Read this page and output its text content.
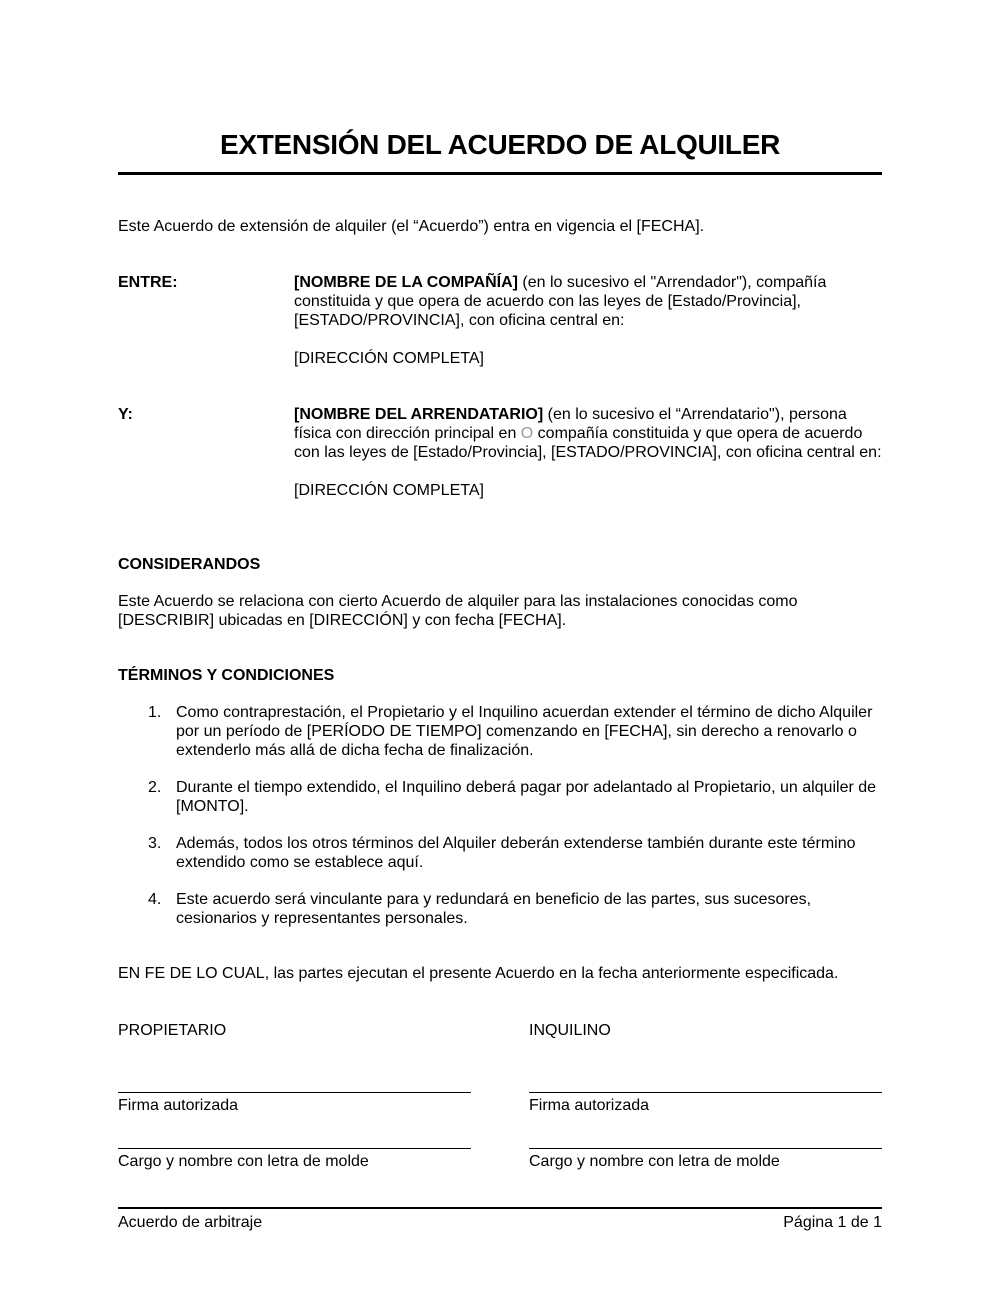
EXTENSIÓN DEL ACUERDO DE ALQUILER
Este Acuerdo de extensión de alquiler (el “Acuerdo”) entra en vigencia el [FECHA].
ENTRE:	[NOMBRE DE LA COMPAÑÍA] (en lo sucesivo el "Arrendador"), compañía constituida y que opera de acuerdo con las leyes de [Estado/Provincia], [ESTADO/PROVINCIA], con oficina central en:

[DIRECCIÓN COMPLETA]

Y:	[NOMBRE DEL ARRENDATARIO] (en lo sucesivo el “Arrendatario"), persona física con dirección principal en O compañía constituida y que opera de acuerdo con las leyes de [Estado/Provincia], [ESTADO/PROVINCIA], con oficina central en:

[DIRECCIÓN COMPLETA]

CONSIDERANDOS
Este Acuerdo se relaciona con cierto Acuerdo de alquiler para las instalaciones conocidas como [DESCRIBIR] ubicadas en [DIRECCIÓN] y con fecha [FECHA].
TÉRMINOS Y CONDICIONES
1. Como contraprestación, el Propietario y el Inquilino acuerdan extender el término de dicho Alquiler por un período de [PERÍODO DE TIEMPO] comenzando en [FECHA], sin derecho a renovarlo o extenderlo más allá de dicha fecha de finalización.
2. Durante el tiempo extendido, el Inquilino deberá pagar por adelantado al Propietario, un alquiler de [MONTO].
3. Además, todos los otros términos del Alquiler deberán extenderse también durante este término extendido como se establece aquí.
4. Este acuerdo será vinculante para y redundará en beneficio de las partes, sus sucesores, cesionarios y representantes personales.
EN FE DE LO CUAL, las partes ejecutan el presente Acuerdo en la fecha anteriormente especificada.
PROPIETARIO
Firma autorizada
Cargo y nombre con letra de molde
INQUILINO
Firma autorizada
Cargo y nombre con letra de molde
Acuerdo de arbitraje	Página 1 de 1
